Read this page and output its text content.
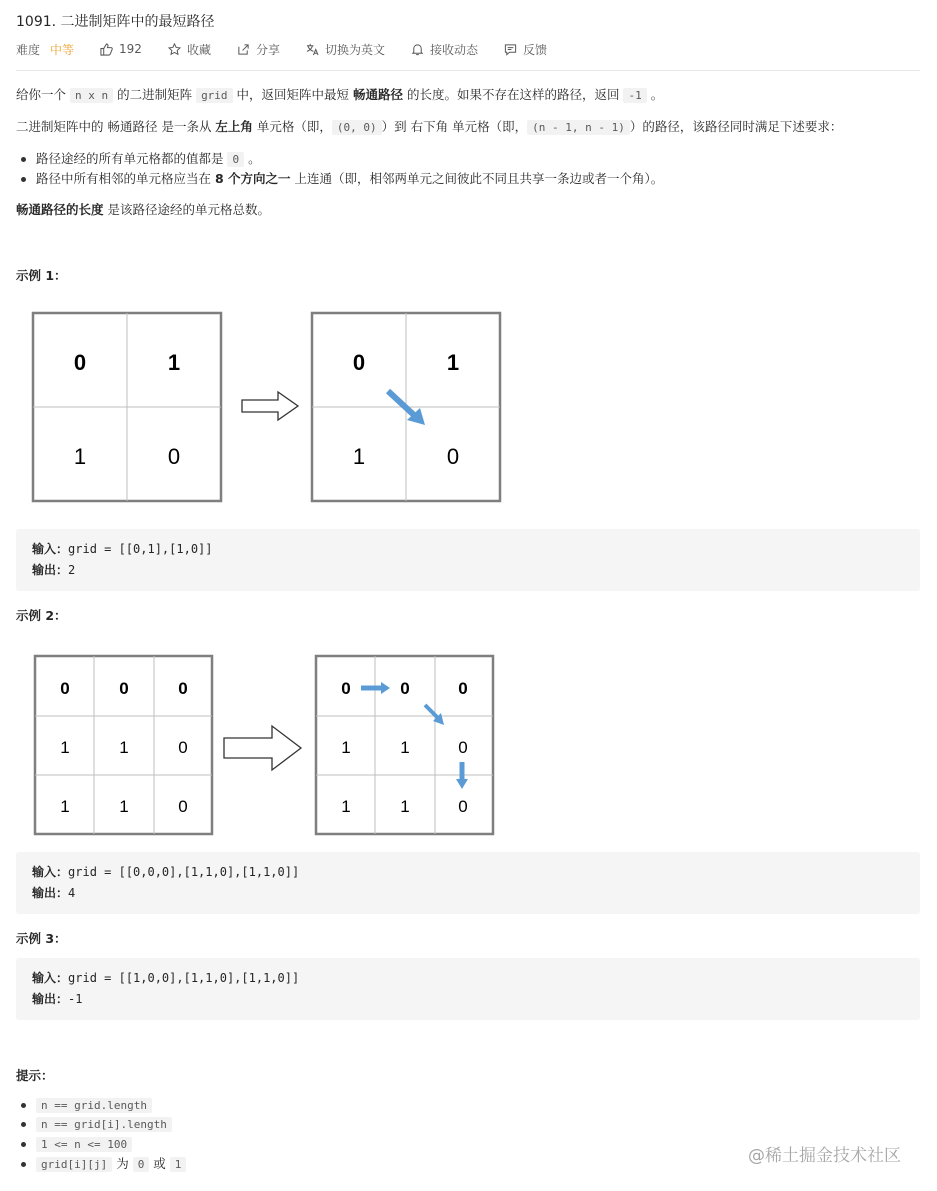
1091. 二进制矩阵中的最短路径
难度 中等	192	收藏	分享	切换为英文	接收动态	反馈
给你一个 n x n 的二进制矩阵 grid 中，返回矩阵中最短 畅通路径 的长度。如果不存在这样的路径，返回 -1 。
二进制矩阵中的 畅通路径 是一条从 左上角 单元格（即， (0, 0) ）到 右下角 单元格（即， (n - 1, n - 1) ）的路径，该路径同时满足下述要求：
路径途经的所有单元格都的值都是 0 。
路径中所有相邻的单元格应当在 8 个方向之一 上连通（即，相邻两单元之间彼此不同且共享一条边或者一个角）。
畅通路径的长度 是该路径途经的单元格总数。
示例 1：
0	1
1	0
0	1
1	0
输入：grid = [[0,1],[1,0]]
输出：2
示例 2：
0	0	0
1	1	0
1	1	0
0	0	0
1	1	0
1	1	0
输入：grid = [[0,0,0],[1,1,0],[1,1,0]]
输出：4
示例 3：
输入：grid = [[1,0,0],[1,1,0],[1,1,0]]
输出：-1
提示：
n == grid.length
n == grid[i].length
1 <= n <= 100
grid[i][j] 为 0 或 1	@稀土掘金技术社区
